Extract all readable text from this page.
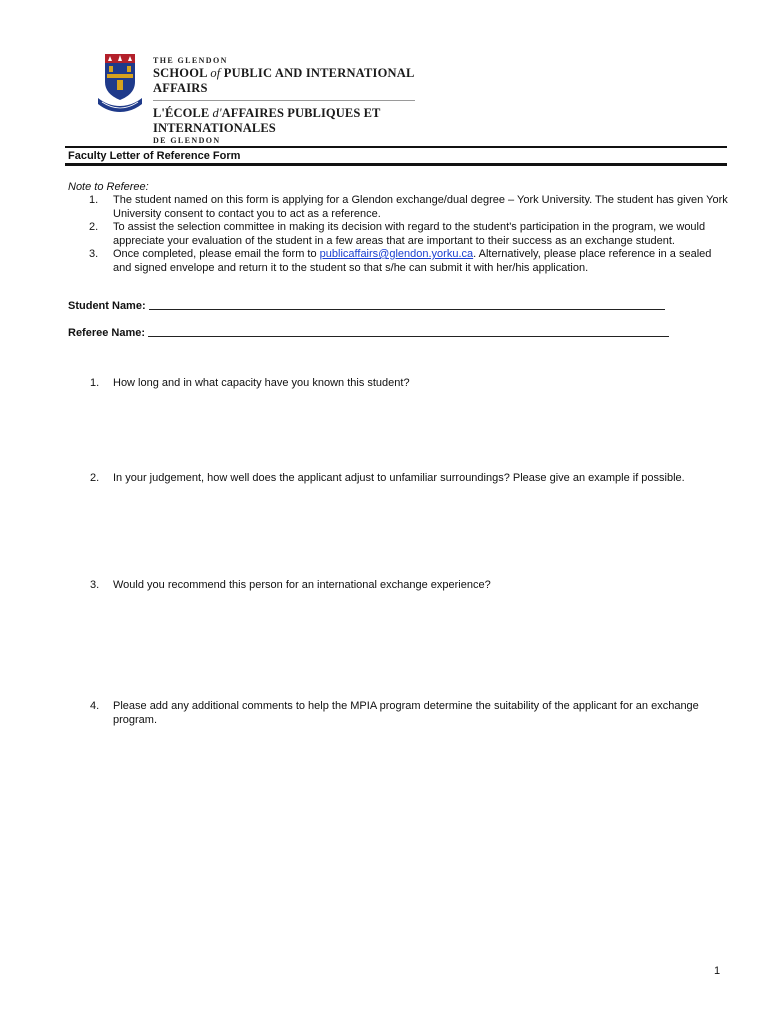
THE GLENDON
SCHOOL of PUBLIC AND INTERNATIONAL AFFAIRS
L'ÉCOLE d'AFFAIRES PUBLIQUES ET INTERNATIONALES
DE GLENDON
Faculty Letter of Reference Form
Note to Referee:
1. The student named on this form is applying for a Glendon exchange/dual degree – York University. The student has given York University consent to contact you to act as a reference.
2. To assist the selection committee in making its decision with regard to the student's participation in the program, we would appreciate your evaluation of the student in a few areas that are important to their success as an exchange student.
3. Once completed, please email the form to publicaffairs@glendon.yorku.ca. Alternatively, please place reference in a sealed and signed envelope and return it to the student so that s/he can submit it with her/his application.
Student Name:
Referee Name:
1. How long and in what capacity have you known this student?
2. In your judgement, how well does the applicant adjust to unfamiliar surroundings? Please give an example if possible.
3. Would you recommend this person for an international exchange experience?
4. Please add any additional comments to help the MPIA program determine the suitability of the applicant for an exchange program.
1
